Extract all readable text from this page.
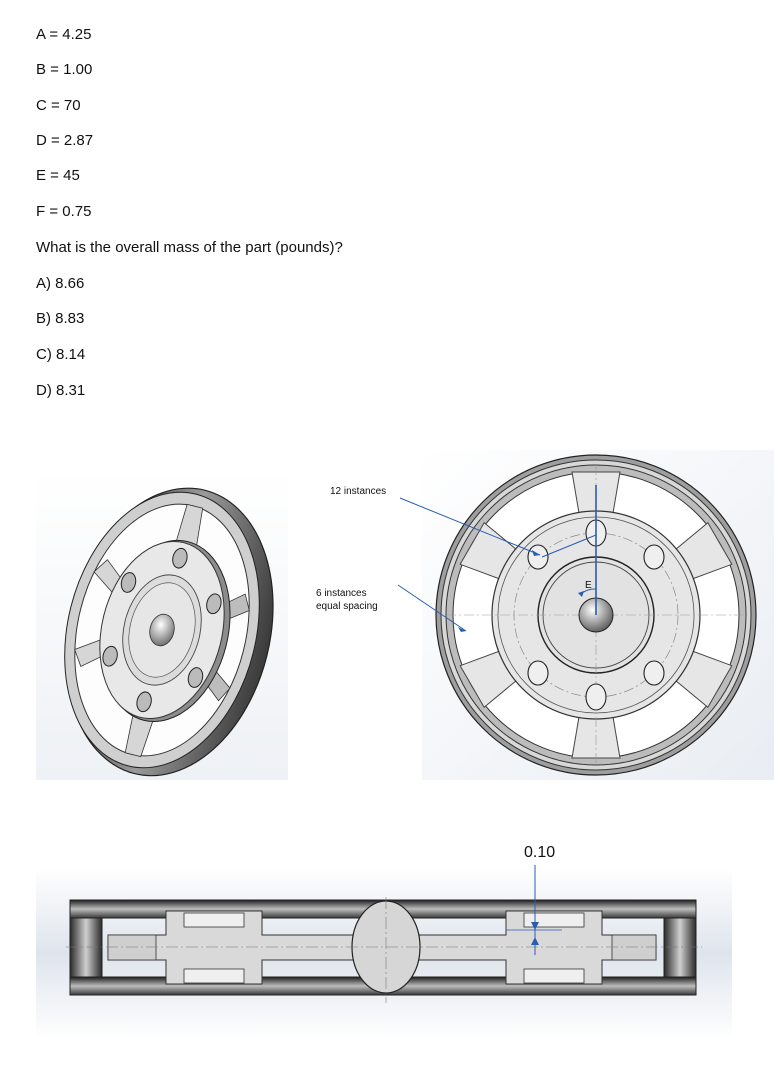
A = 4.25
B = 1.00
C = 70
D = 2.87
E = 45
F = 0.75
What is the overall mass of the part (pounds)?
A) 8.66
B) 8.83
C) 8.14
D) 8.31
E
12 instances
6 instances
equal spacing
0.10
